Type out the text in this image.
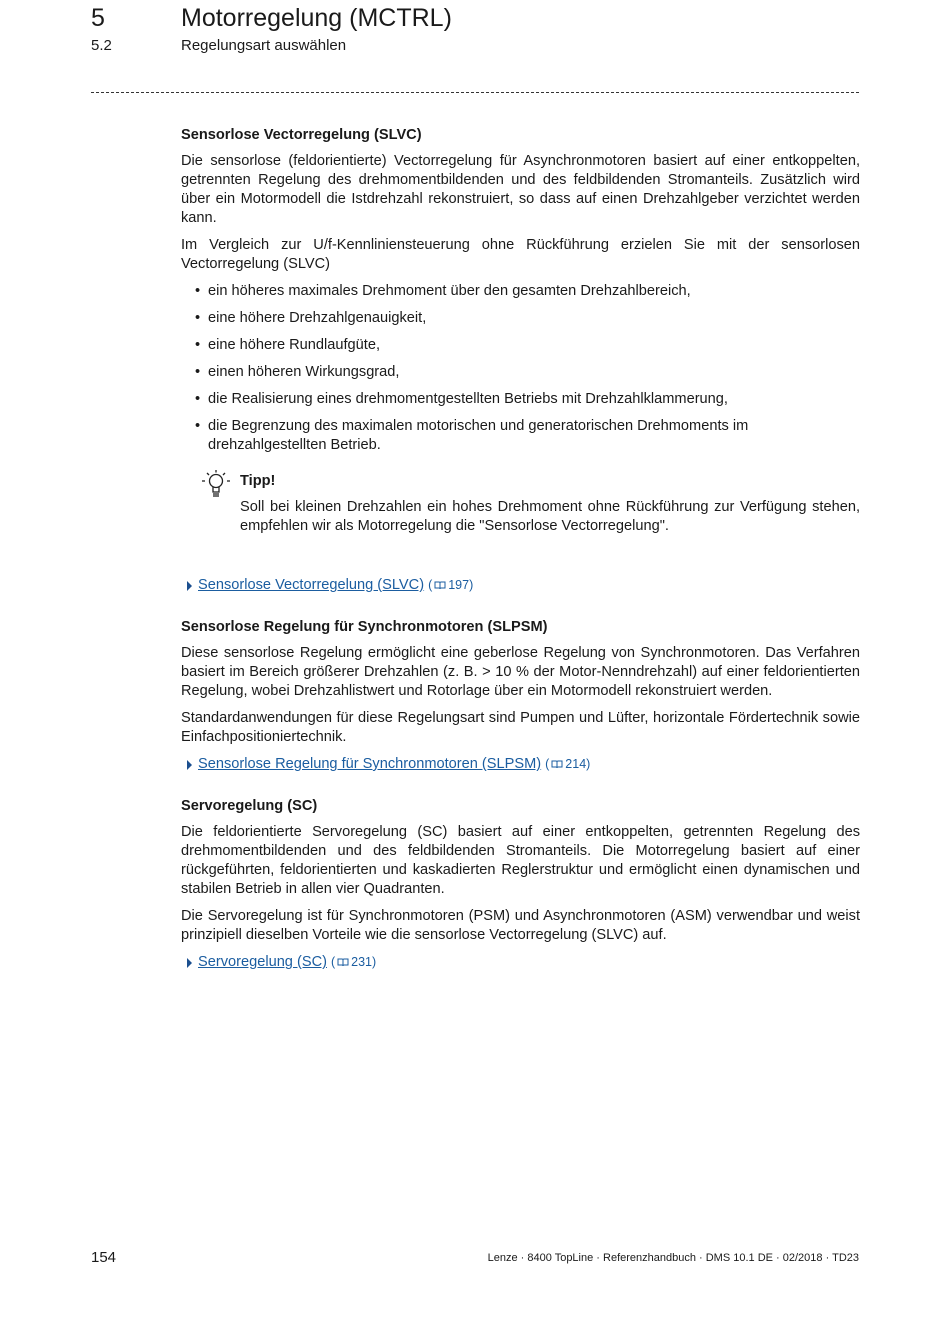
5	Motorregelung (MCTRL)
5.2	Regelungsart auswählen
Sensorlose Vectorregelung (SLVC)

Die sensorlose (feldorientierte) Vectorregelung für Asynchronmotoren basiert auf einer entkoppelten, getrennten Regelung des drehmomentbildenden und des feldbildenden Stromanteils. Zusätzlich wird über ein Motormodell die Istdrehzahl rekonstruiert, so dass auf einen Drehzahlgeber verzichtet werden kann.

Im Vergleich zur U/f-Kennliniensteuerung ohne Rückführung erzielen Sie mit der sensorlosen Vectorregelung (SLVC)

• ein höheres maximales Drehmoment über den gesamten Drehzahlbereich,
• eine höhere Drehzahlgenauigkeit,
• eine höhere Rundlaufgüte,
• einen höheren Wirkungsgrad,
• die Realisierung eines drehmomentgestellten Betriebs mit Drehzahlklammerung,
• die Begrenzung des maximalen motorischen und generatorischen Drehmoments im drehzahlgestellten Betrieb.
Tipp!

Soll bei kleinen Drehzahlen ein hohes Drehmoment ohne Rückführung zur Verfügung stehen, empfehlen wir als Motorregelung die "Sensorlose Vectorregelung".

Sensorlose Vectorregelung (SLVC) ( 197 )
Sensorlose Regelung für Synchronmotoren (SLPSM)

Diese sensorlose Regelung ermöglicht eine geberlose Regelung von Synchronmotoren. Das Verfahren basiert im Bereich größerer Drehzahlen (z. B. > 10 % der Motor-Nenndrehzahl) auf einer feldorientierten Regelung, wobei Drehzahlistwert und Rotorlage über ein Motormodell rekonstruiert werden.

Standardanwendungen für diese Regelungsart sind Pumpen und Lüfter, horizontale Fördertechnik sowie Einfachpositioniertechnik.

Sensorlose Regelung für Synchronmotoren (SLPSM) ( 214 )
Servoregelung (SC)

Die feldorientierte Servoregelung (SC) basiert auf einer entkoppelten, getrennten Regelung des drehmomentbildenden und des feldbildenden Stromanteils. Die Motorregelung basiert auf einer rückgeführten, feldorientierten und kaskadierten Reglerstruktur und ermöglicht einen dynamischen und stabilen Betrieb in allen vier Quadranten.

Die Servoregelung ist für Synchronmotoren (PSM) und Asynchronmotoren (ASM) verwendbar und weist prinzipiell dieselben Vorteile wie die sensorlose Vectorregelung (SLVC) auf.

Servoregelung (SC) ( 231 )
154	Lenze · 8400 TopLine · Referenzhandbuch · DMS 10.1 DE · 02/2018 · TD23
